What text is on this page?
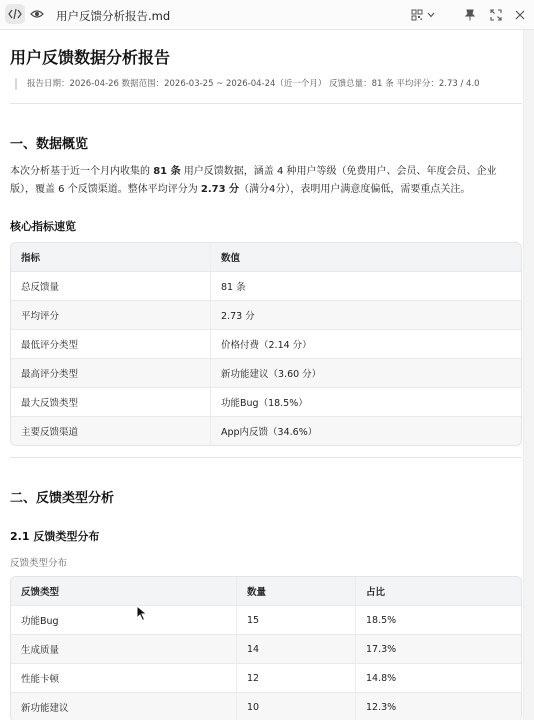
用户反馈分析报告.md
用户反馈数据分析报告
报告日期：2026-04-26 数据范围：2026-03-25 ~ 2026-04-24（近一个月） 反馈总量：81 条 平均评分：2.73 / 4.0
一、数据概览

本次分析基于近一个月内收集的 81 条 用户反馈数据，涵盖 4 种用户等级（免费用户、会员、年度会员、企业版），覆盖 6 个反馈渠道。整体平均评分为 2.73 分（满分4分），表明用户满意度偏低，需要重点关注。

核心指标速览
指标	数值
总反馈量	81 条
平均评分	2.73 分
最低评分类型	价格付费（2.14 分）
最高评分类型	新功能建议（3.60 分）
最大反馈类型	功能Bug（18.5%）
主要反馈渠道	App内反馈（34.6%）
二、反馈类型分析
2.1 反馈类型分布
反馈类型分布
反馈类型	数量	占比
功能Bug	15	18.5%
生成质量	14	17.3%
性能卡顿	12	14.8%
新功能建议	10	12.3%
